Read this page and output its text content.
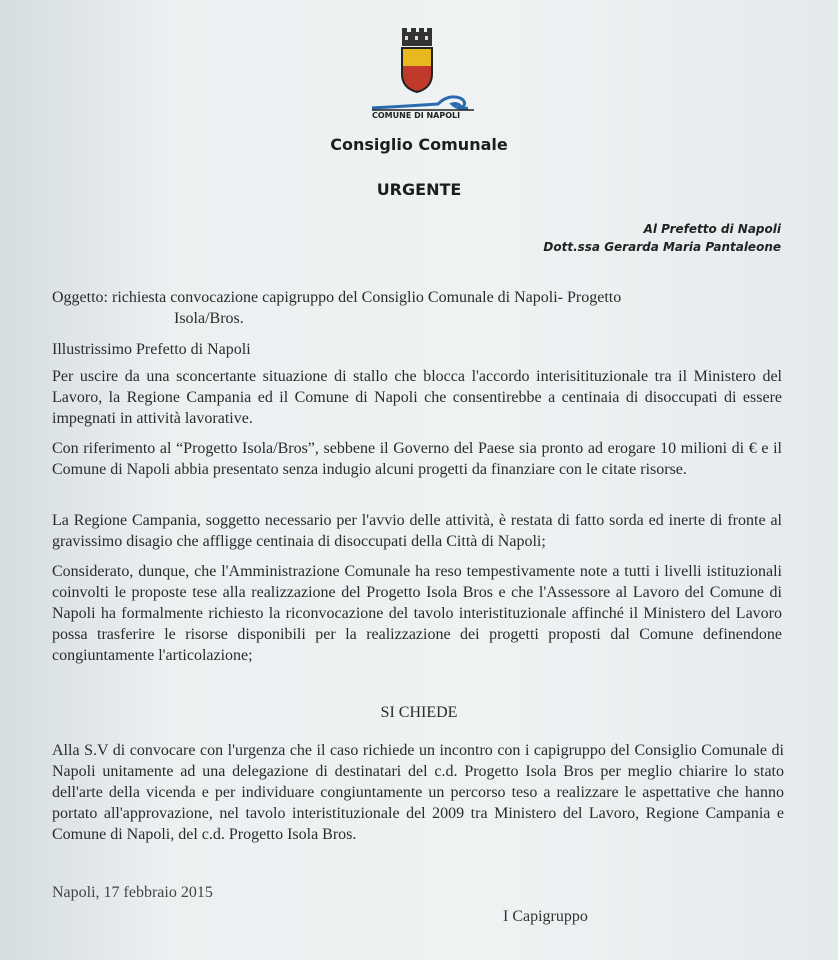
COMUNE DI NAPOLI
Consiglio Comunale
URGENTE
Al Prefetto di Napoli
Dott.ssa Gerarda Maria Pantaleone
Oggetto: richiesta convocazione capigruppo del Consiglio Comunale di Napoli- Progetto
Isola/Bros.
Illustrissimo Prefetto di Napoli
Per uscire da una sconcertante situazione di stallo che blocca l'accordo interisitituzionale tra il Ministero del Lavoro, la Regione Campania ed il Comune di Napoli che consentirebbe a centinaia di disoccupati di essere impegnati in attività lavorative.
Con riferimento al “Progetto Isola/Bros”, sebbene il Governo del Paese sia pronto ad erogare 10 milioni di € e il Comune di Napoli abbia presentato senza indugio alcuni progetti da finanziare con le citate risorse.
La Regione Campania, soggetto necessario per l'avvio delle attività, è restata di fatto sorda ed inerte di fronte al gravissimo disagio che affligge centinaia di disoccupati della Città di Napoli;
Considerato, dunque, che l'Amministrazione Comunale ha reso tempestivamente note a tutti i livelli istituzionali coinvolti le proposte tese alla realizzazione del Progetto Isola Bros e che l'Assessore al Lavoro del Comune di Napoli ha formalmente richiesto la riconvocazione del tavolo interistituzionale affinché il Ministero del Lavoro possa trasferire le risorse disponibili per la realizzazione dei progetti proposti dal Comune definendone congiuntamente l'articolazione;
SI CHIEDE
Alla S.V di convocare con l'urgenza che il caso richiede un incontro con i capigruppo del Consiglio Comunale di Napoli unitamente ad una delegazione di destinatari del c.d. Progetto Isola Bros per meglio chiarire lo stato dell'arte della vicenda e per individuare congiuntamente un percorso teso a realizzare le aspettative che hanno portato all'approvazione, nel tavolo interistituzionale del 2009 tra Ministero del Lavoro, Regione Campania e Comune di Napoli, del c.d. Progetto Isola Bros.
Napoli, 17 febbraio 2015
I Capigruppo
